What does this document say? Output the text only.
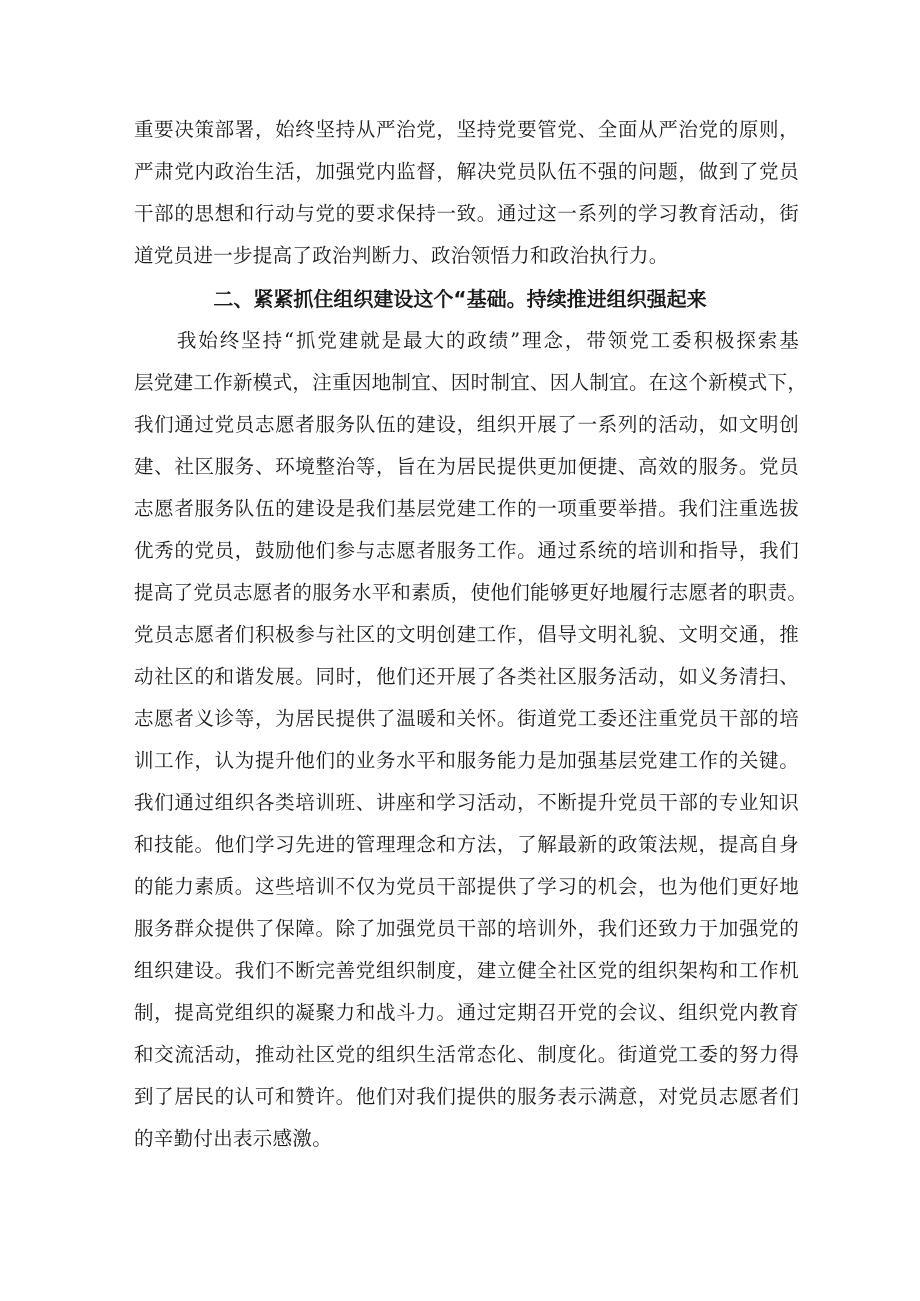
重要决策部署，始终坚持从严治党，坚持党要管党、全面从严治党的原则，
严肃党内政治生活，加强党内监督，解决党员队伍不强的问题，做到了党员
干部的思想和行动与党的要求保持一致。通过这一系列的学习教育活动，街
道党员进一步提高了政治判断力、政治领悟力和政治执行力。
二、紧紧抓住组织建设这个“基础。持续推进组织强起来
　　我始终坚持“抓党建就是最大的政绩”理念，带领党工委积极探索基
层党建工作新模式，注重因地制宜、因时制宜、因人制宜。在这个新模式下，
我们通过党员志愿者服务队伍的建设，组织开展了一系列的活动，如文明创
建、社区服务、环境整治等，旨在为居民提供更加便捷、高效的服务。党员
志愿者服务队伍的建设是我们基层党建工作的一项重要举措。我们注重选拔
优秀的党员，鼓励他们参与志愿者服务工作。通过系统的培训和指导，我们
提高了党员志愿者的服务水平和素质，使他们能够更好地履行志愿者的职责。
党员志愿者们积极参与社区的文明创建工作，倡导文明礼貌、文明交通，推
动社区的和谐发展。同时，他们还开展了各类社区服务活动，如义务清扫、
志愿者义诊等，为居民提供了温暖和关怀。街道党工委还注重党员干部的培
训工作，认为提升他们的业务水平和服务能力是加强基层党建工作的关键。
我们通过组织各类培训班、讲座和学习活动，不断提升党员干部的专业知识
和技能。他们学习先进的管理理念和方法，了解最新的政策法规，提高自身
的能力素质。这些培训不仅为党员干部提供了学习的机会，也为他们更好地
服务群众提供了保障。除了加强党员干部的培训外，我们还致力于加强党的
组织建设。我们不断完善党组织制度，建立健全社区党的组织架构和工作机
制，提高党组织的凝聚力和战斗力。通过定期召开党的会议、组织党内教育
和交流活动，推动社区党的组织生活常态化、制度化。街道党工委的努力得
到了居民的认可和赞许。他们对我们提供的服务表示满意，对党员志愿者们
的辛勤付出表示感激。
